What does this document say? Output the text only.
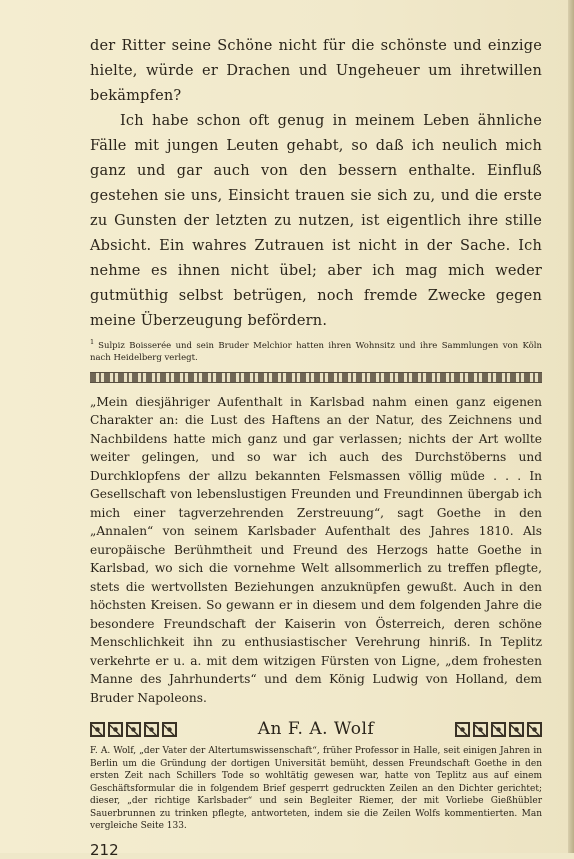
der Ritter seine Schöne nicht für die schönste und einzige hielte, würde er Drachen und Ungeheuer um ihretwillen bekämpfen?

Ich habe schon oft genug in meinem Leben ähnliche Fälle mit jungen Leuten gehabt, so daß ich neulich mich ganz und gar auch von den bessern enthalte. Einfluß gestehen sie uns, Einsicht trauen sie sich zu, und die erste zu Gunsten der letzten zu nutzen, ist eigentlich ihre stille Absicht. Ein wahres Zutrauen ist nicht in der Sache. Ich nehme es ihnen nicht übel; aber ich mag mich weder gutmüthig selbst betrügen, noch fremde Zwecke gegen meine Überzeugung befördern.

$^1$ Sulpiz Boisserée und sein Bruder Melchior hatten ihren Wohnsitz und ihre Sammlungen von Köln nach Heidelberg verlegt.

„Mein diesjähriger Aufenthalt in Karlsbad nahm einen ganz eigenen Charakter an: die Lust des Haftens an der Natur, des Zeichnens und Nachbildens hatte mich ganz und gar verlassen; nichts der Art wollte weiter gelingen, und so war ich auch des Durchstöberns und Durchklopfens der allzu bekannten Felsmassen völlig müde . . . In Gesellschaft von lebenslustigen Freunden und Freundinnen übergab ich mich einer tagverzehrenden Zerstreuung“, sagt Goethe in den „Annalen“ von seinem Karlsbader Aufenthalt des Jahres 1810. Als europäische Berühmtheit und Freund des Herzogs hatte Goethe in Karlsbad, wo sich die vornehme Welt allsommerlich zu treffen pflegte, stets die wertvollsten Beziehungen anzuknüpfen gewußt. Auch in den höchsten Kreisen. So gewann er in diesem und dem folgenden Jahre die besondere Freundschaft der Kaiserin von Österreich, deren schöne Menschlichkeit ihn zu enthusiastischer Verehrung hinriß. In Teplitz verkehrte er u. a. mit dem witzigen Fürsten von Ligne, „dem frohesten Manne des Jahrhunderts“ und dem König Ludwig von Holland, dem Bruder Napoleons.

An F. A. Wolf
F. A. Wolf, „der Vater der Altertumswissenschaft“, früher Professor in Halle, seit einigen Jahren in Berlin um die Gründung der dortigen Universität bemüht, dessen Freundschaft Goethe in den ersten Zeit nach Schillers Tode so wohltätig gewesen war, hatte von Teplitz aus auf einem Geschäftsformular die in folgendem Brief gesperrt gedruckten Zeilen an den Dichter gerichtet; dieser, „der richtige Karlsbader“ und sein Begleiter Riemer, der mit Vorliebe Gießhübler Sauerbrunnen zu trinken pflegte, antworteten, indem sie die Zeilen Wolfs kommentierten. Man vergleiche Seite 133.
212
